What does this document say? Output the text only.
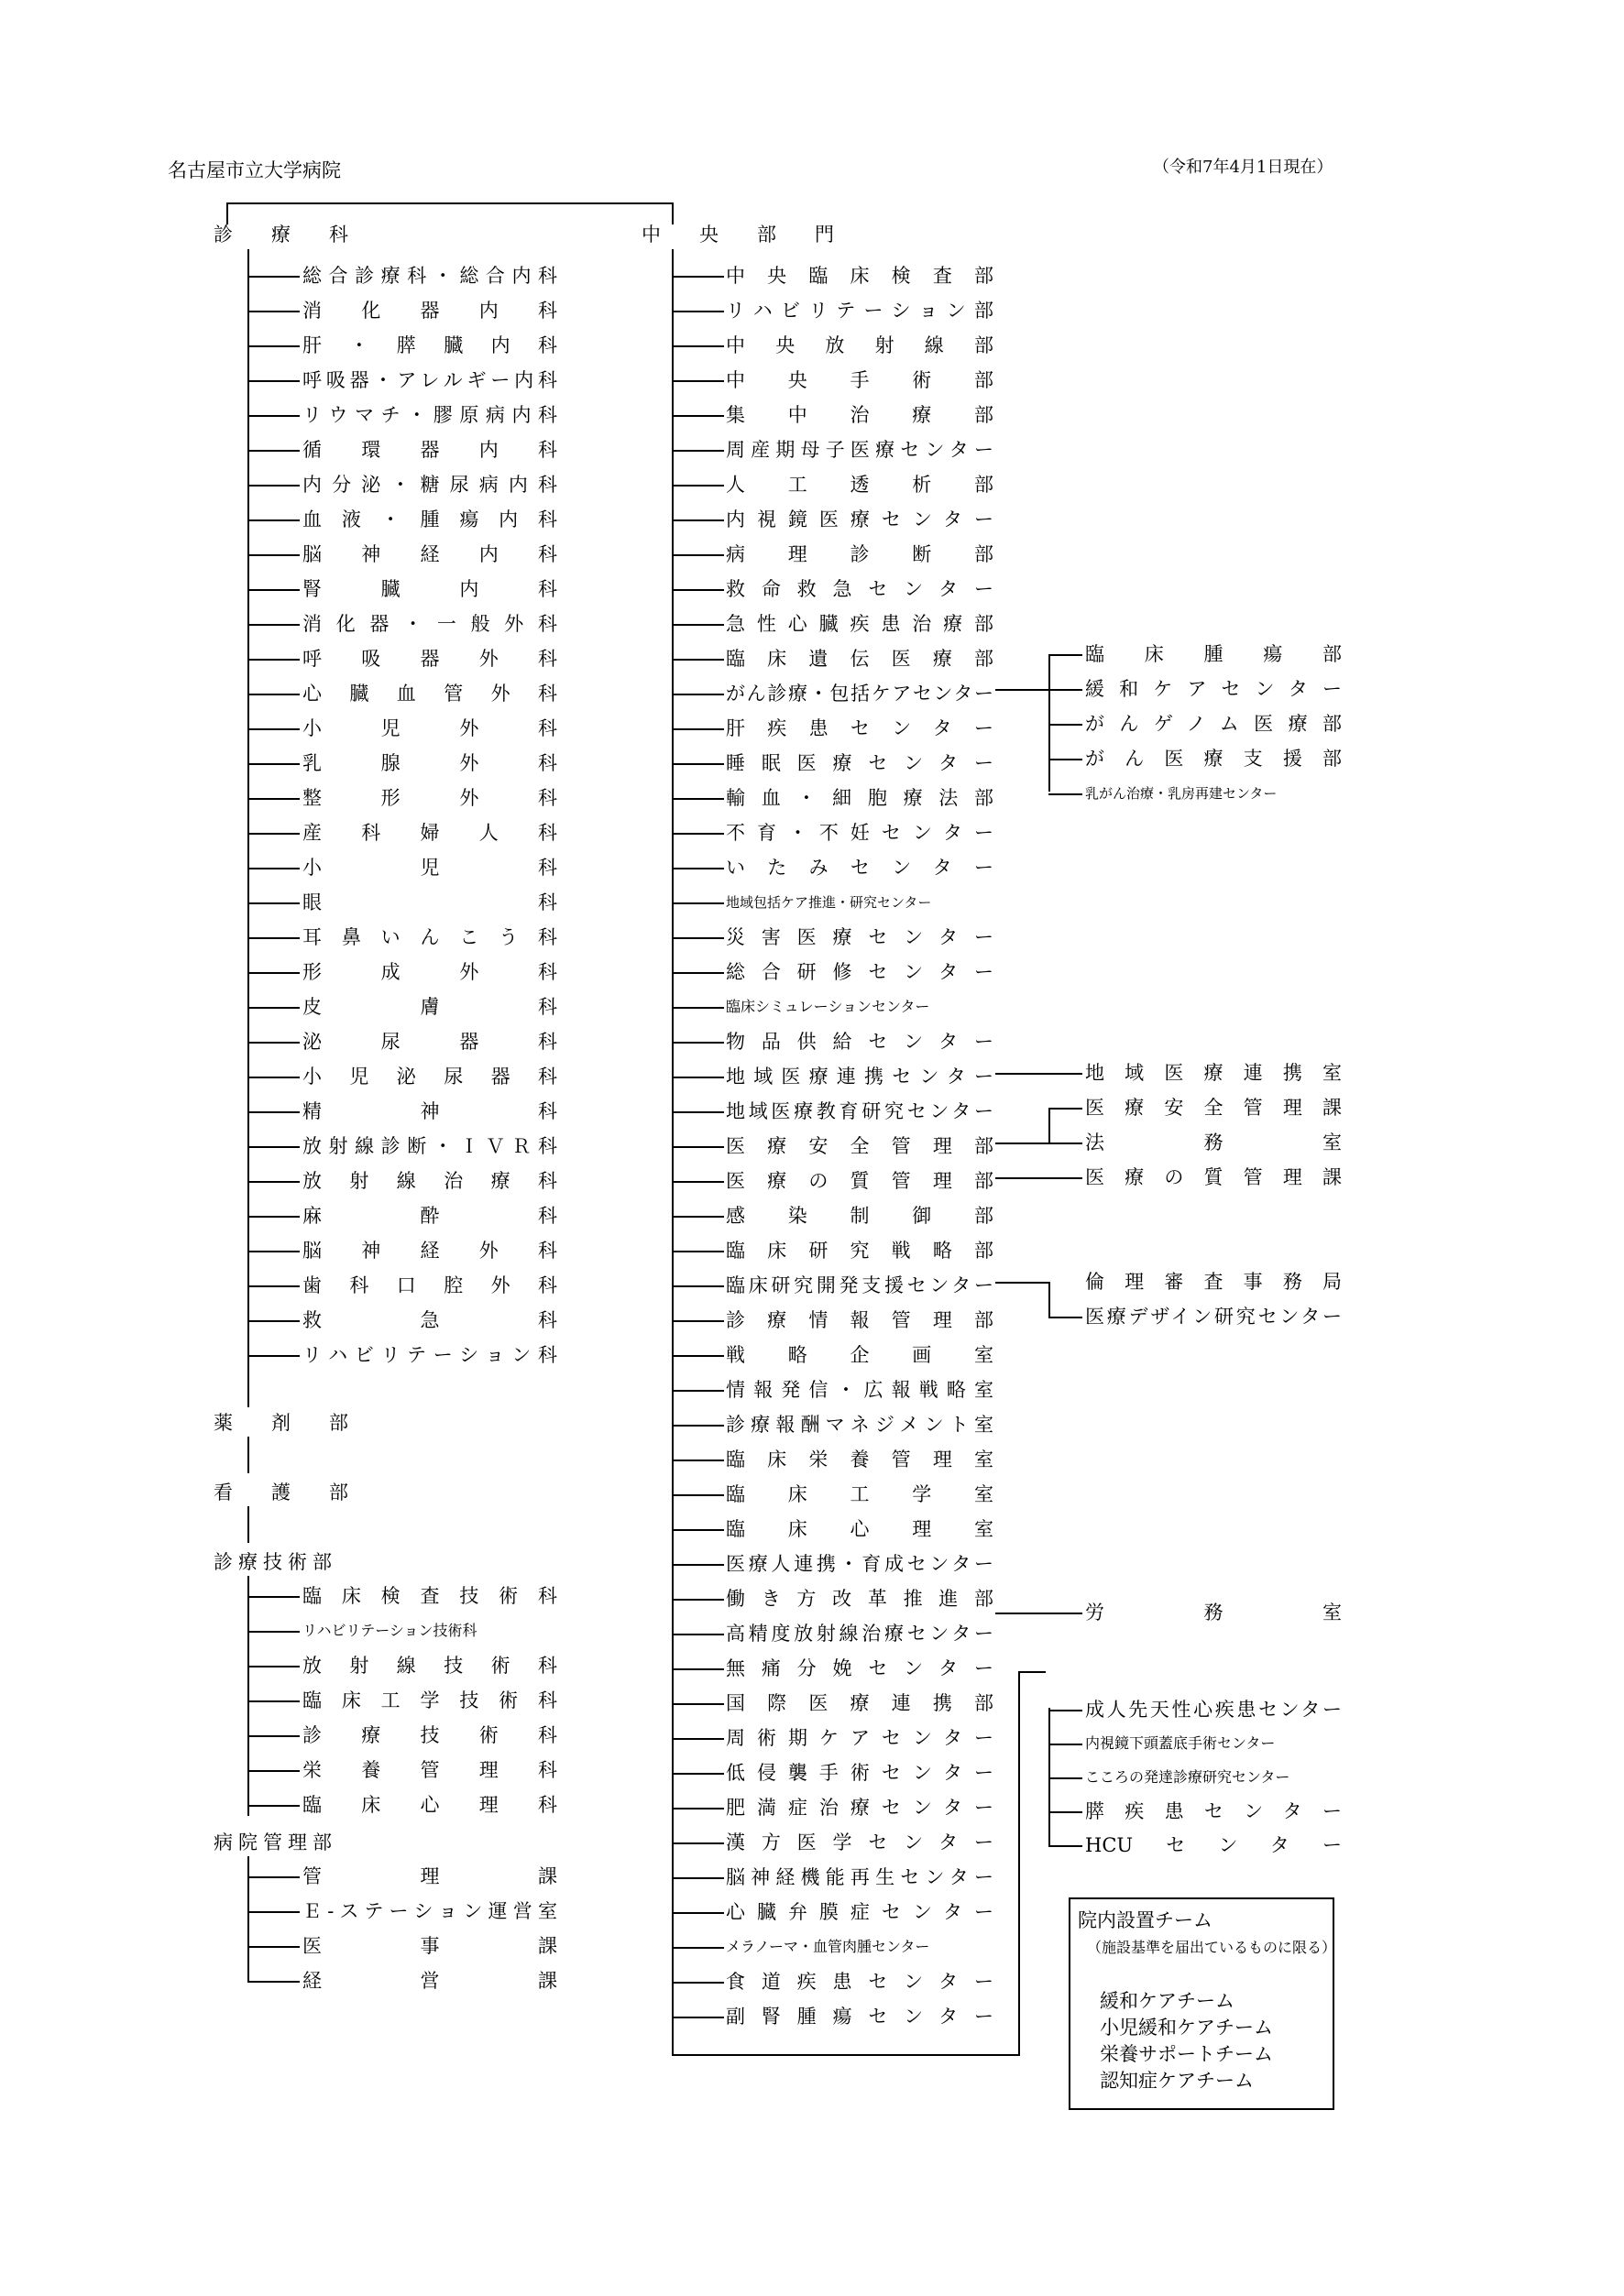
名古屋市立大学病院	（令和7年4月1日現在）
診　　療　　科
薬　　剤　　部
看　　護　　部
診療技術部
病院管理部
総合診療科・総合内科
消化器内科
肝・膵臓内科
呼吸器・アレルギー内科
リウマチ・膠原病内科
循環器内科
内分泌・糖尿病内科
血液・腫瘍内科
脳神経内科
腎臓内科
消化器・一般外科
呼吸器外科
心臓血管外科
小児外科
乳腺外科
整形外科
産科婦人科
小児科
眼科
耳鼻いんこう科
形成外科
皮膚科
泌尿器科
小児泌尿器科
精神科
放射線診断・ＩＶＲ科
放射線治療科
麻酔科
脳神経外科
歯科口腔外科
救急科
リハビリテーション科
臨床検査技術科
リハビリテーション技術科
放射線技術科
臨床工学技術科
診療技術科
栄養管理科
臨床心理科
管理課
Ｅ-ステーション運営室
医事課
経営課
中　　央　　部　　門
中央臨床検査部
リハビリテーション部
中央放射線部
中央手術部
集中治療部
周産期母子医療センター
人工透析部
内視鏡医療センター
病理診断部
救命救急センター
急性心臓疾患治療部
臨床遺伝医療部
がん診療・包括ケアセンター
肝疾患センター
睡眠医療センター
輸血・細胞療法部
不育・不妊センター
いたみセンター
地域包括ケア推進・研究センター
災害医療センター
総合研修センター
臨床シミュレーションセンター
物品供給センター
地域医療連携センター
地域医療教育研究センター
医療安全管理部
医療の質管理部
感染制御部
臨床研究戦略部
臨床研究開発支援センター
診療情報管理部
戦略企画室
情報発信・広報戦略室
診療報酬マネジメント室
臨床栄養管理室
臨床工学室
臨床心理室
医療人連携・育成センター
働き方改革推進部
高精度放射線治療センター
無痛分娩センター
国際医療連携部
周術期ケアセンター
低侵襲手術センター
肥満症治療センター
漢方医学センター
脳神経機能再生センター
心臓弁膜症センター
メラノーマ・血管肉腫センター
食道疾患センター
副腎腫瘍センター
臨床腫瘍部
緩和ケアセンター
がんゲノム医療部
がん医療支援部
乳がん治療・乳房再建センター
地域医療連携室
医療安全管理課
法務室
医療の質管理課
倫理審査事務局
医療デザイン研究センター
労務室
成人先天性心疾患センター
内視鏡下頭蓋底手術センター
こころの発達診療研究センター
膵疾患センター
HCUセンター
院内設置チーム
（施設基準を届出ているものに限る）
緩和ケアチーム
小児緩和ケアチーム
栄養サポートチーム
認知症ケアチーム
